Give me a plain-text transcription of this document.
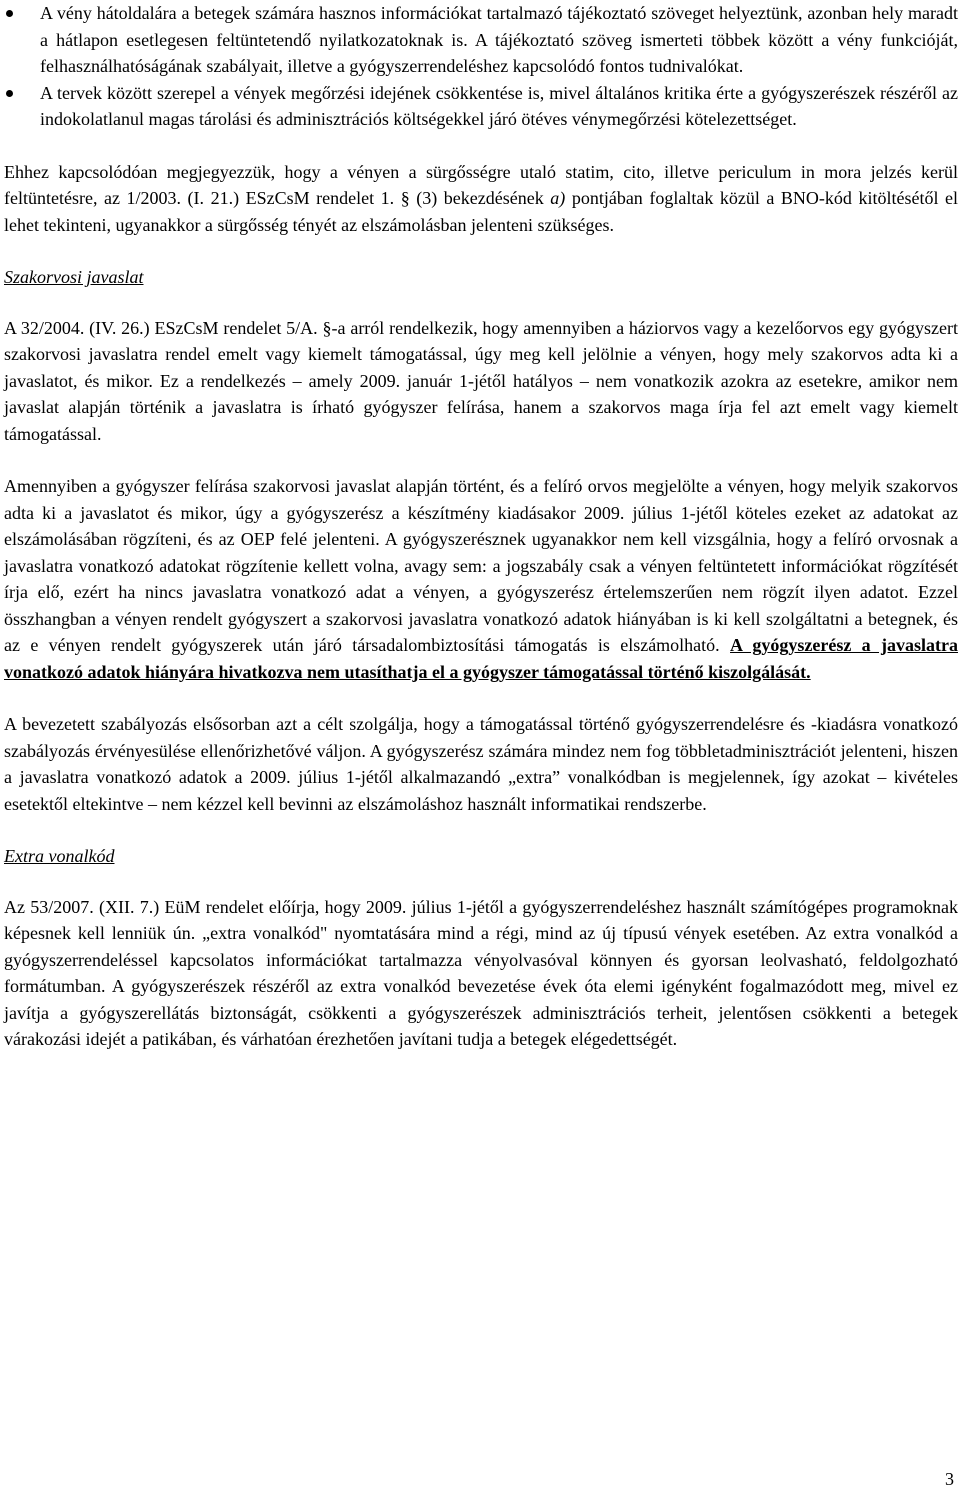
A vény hátoldalára a betegek számára hasznos információkat tartalmazó tájékoztató szöveget helyeztünk, azonban hely maradt a hátlapon esetlegesen feltüntetendő nyilatkozatoknak is. A tájékoztató szöveg ismerteti többek között a vény funkcióját, felhasználhatóságának szabályait, illetve a gyógyszerrendeléshez kapcsolódó fontos tudnivalókat.
A tervek között szerepel a vények megőrzési idejének csökkentése is, mivel általános kritika érte a gyógyszerészek részéről az indokolatlanul magas tárolási és adminisztrációs költségekkel járó ötéves vénymegőrzési kötelezettséget.

Ehhez kapcsolódóan megjegyezzük, hogy a vényen a sürgősségre utaló statim, cito, illetve periculum in mora jelzés kerül feltüntetésre, az 1/2003. (I. 21.) ESzCsM rendelet 1. § (3) bekezdésének a) pontjában foglaltak közül a BNO-kód kitöltésétől el lehet tekinteni, ugyanakkor a sürgősség tényét az elszámolásban jelenteni szükséges.

Szakorvosi javaslat

A 32/2004. (IV. 26.) ESzCsM rendelet 5/A. §-a arról rendelkezik, hogy amennyiben a háziorvos vagy a kezelőorvos egy gyógyszert szakorvosi javaslatra rendel emelt vagy kiemelt támogatással, úgy meg kell jelölnie a vényen, hogy mely szakorvos adta ki a javaslatot, és mikor. Ez a rendelkezés – amely 2009. január 1-jétől hatályos – nem vonatkozik azokra az esetekre, amikor nem javaslat alapján történik a javaslatra is írható gyógyszer felírása, hanem a szakorvos maga írja fel azt emelt vagy kiemelt támogatással.

Amennyiben a gyógyszer felírása szakorvosi javaslat alapján történt, és a felíró orvos megjelölte a vényen, hogy melyik szakorvos adta ki a javaslatot és mikor, úgy a gyógyszerész a készítmény kiadásakor 2009. július 1-jétől köteles ezeket az adatokat az elszámolásában rögzíteni, és az OEP felé jelenteni. A gyógyszerésznek ugyanakkor nem kell vizsgálnia, hogy a felíró orvosnak a javaslatra vonatkozó adatokat rögzítenie kellett volna, avagy sem: a jogszabály csak a vényen feltüntetett információkat rögzítését írja elő, ezért ha nincs javaslatra vonatkozó adat a vényen, a gyógyszerész értelemszerűen nem rögzít ilyen adatot. Ezzel összhangban a vényen rendelt gyógyszert a szakorvosi javaslatra vonatkozó adatok hiányában is ki kell szolgáltatni a betegnek, és az e vényen rendelt gyógyszerek után járó társadalombiztosítási támogatás is elszámolható. A gyógyszerész a javaslatra vonatkozó adatok hiányára hivatkozva nem utasíthatja el a gyógyszer támogatással történő kiszolgálását.

A bevezetett szabályozás elsősorban azt a célt szolgálja, hogy a támogatással történő gyógyszerrendelésre és -kiadásra vonatkozó szabályozás érvényesülése ellenőrizhetővé váljon. A gyógyszerész számára mindez nem fog többletadminisztrációt jelenteni, hiszen a javaslatra vonatkozó adatok a 2009. július 1-jétől alkalmazandó „extra” vonalkódban is megjelennek, így azokat – kivételes esetektől eltekintve – nem kézzel kell bevinni az elszámoláshoz használt informatikai rendszerbe.

Extra vonalkód

Az 53/2007. (XII. 7.) EüM rendelet előírja, hogy 2009. július 1-jétől a gyógyszerrendeléshez használt számítógépes programoknak képesnek kell lenniük ún. „extra vonalkód" nyomtatására mind a régi, mind az új típusú vények esetében. Az extra vonalkód a gyógyszerrendeléssel kapcsolatos információkat tartalmazza vényolvasóval könnyen és gyorsan leolvasható, feldolgozható formátumban. A gyógyszerészek részéről az extra vonalkód bevezetése évek óta elemi igényként fogalmazódott meg, mivel ez javítja a gyógyszerellátás biztonságát, csökkenti a gyógyszerészek adminisztrációs terheit, jelentősen csökkenti a betegek várakozási idejét a patikában, és várhatóan érezhetően javítani tudja a betegek elégedettségét.

3
